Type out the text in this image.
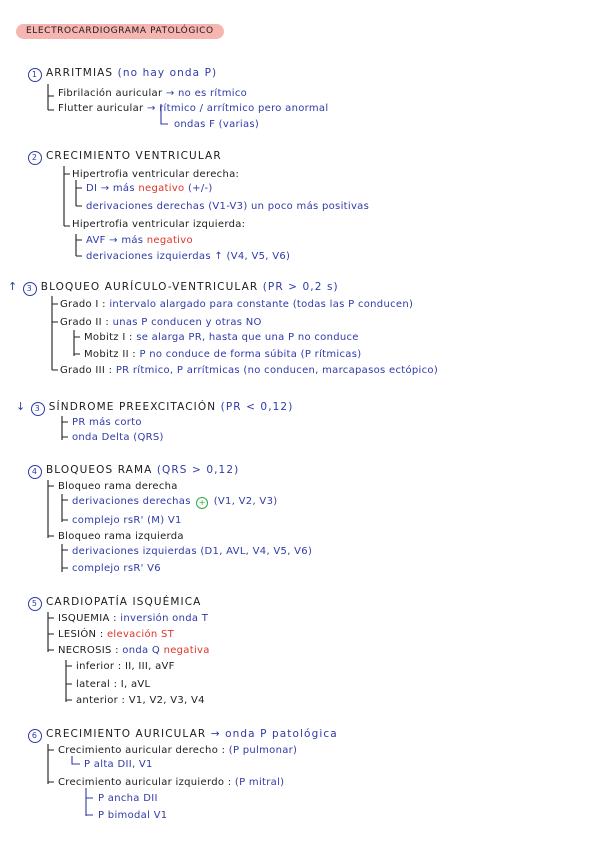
ELECTROCARDIOGRAMA PATOLÓGICO
1 ARRITMIAS (no hay onda P)
Fibrilación auricular → no es rítmico
Flutter auricular → rítmico / arrítmico pero anormal
ondas F (varias)
2 CRECIMIENTO VENTRICULAR
Hipertrofia ventricular derecha:
DI → más negativo (+/-)
derivaciones derechas (V1-V3) un poco más positivas
Hipertrofia ventricular izquierda:
AVF → más negativo
derivaciones izquierdas ↑ (V4, V5, V6)
↑ 3 BLOQUEO AURÍCULO-VENTRICULAR (PR > 0,2 s)
Grado I : intervalo alargado para constante (todas las P conducen)
Grado II : unas P conducen y otras NO
Mobitz I : se alarga PR, hasta que una P no conduce
Mobitz II : P no conduce de forma súbita (P rítmicas)
Grado III : PR rítmico, P arrítmicas (no conducen, marcapasos ectópico)
↓ 3 SÍNDROME PREEXCITACIÓN (PR < 0,12)
PR más corto
onda Delta (QRS)
4 BLOQUEOS RAMA (QRS > 0,12)
Bloqueo rama derecha
derivaciones derechas + (V1, V2, V3)
complejo rsR' (M) V1
Bloqueo rama izquierda
derivaciones izquierdas (D1, AVL, V4, V5, V6)
complejo rsR' V6
5 CARDIOPATÍA ISQUÉMICA
ISQUEMIA : inversión onda T
LESIÓN : elevación ST
NECROSIS : onda Q negativa
inferior : II, III, aVF
lateral : I, aVL
anterior : V1, V2, V3, V4
6 CRECIMIENTO AURICULAR → onda P patológica
Crecimiento auricular derecho : (P pulmonar)
P alta DII, V1
Crecimiento auricular izquierdo : (P mitral)
P ancha DII
P bimodal V1
